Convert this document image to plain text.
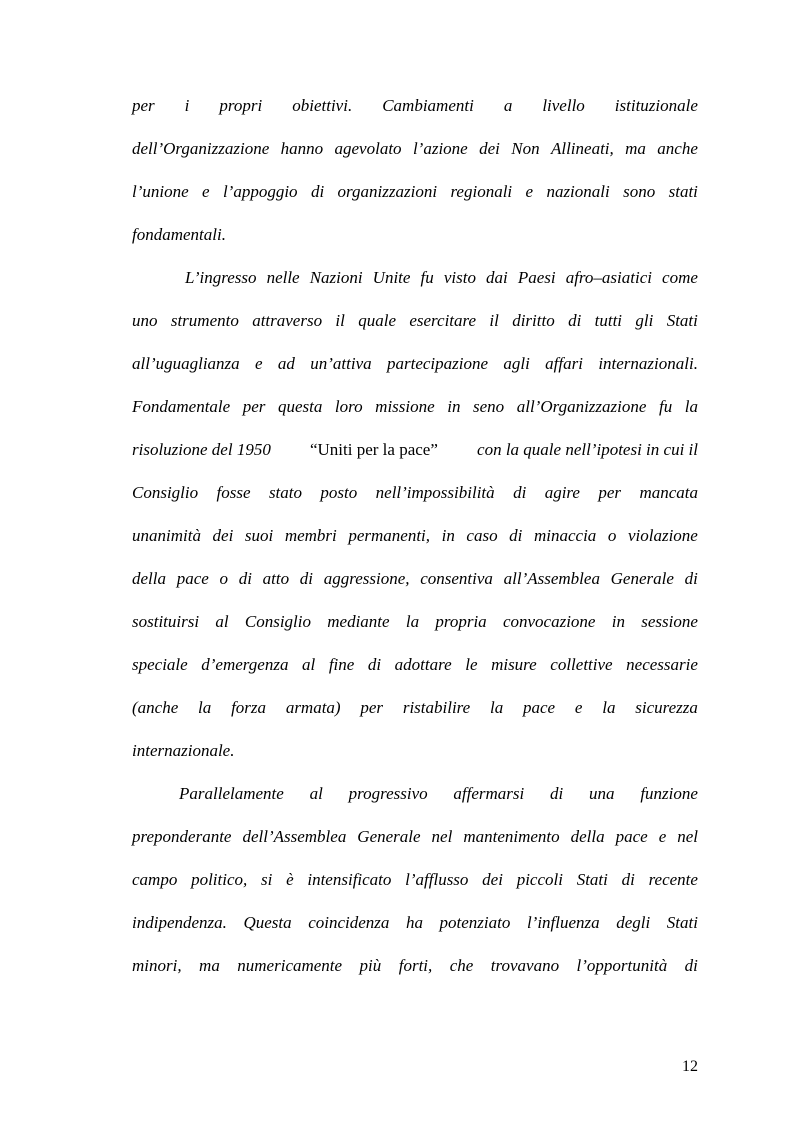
per i propri obiettivi. Cambiamenti a livello istituzionale
dell’Organizzazione hanno agevolato l’azione dei Non Allineati, ma anche
l’unione e l’appoggio di organizzazioni regionali e nazionali sono stati
fondamentali.
L’ingresso nelle Nazioni Unite fu visto dai Paesi afro–asiatici come
uno strumento attraverso il quale esercitare il diritto di tutti gli Stati
all’uguaglianza e ad un’attiva partecipazione agli affari internazionali.
Fondamentale per questa loro missione in seno all’Organizzazione fu la
risoluzione del 1950 “Uniti per la pace” con la quale nell’ipotesi in cui il
Consiglio fosse stato posto nell’impossibilità di agire per mancata
unanimità dei suoi membri permanenti, in caso di minaccia o violazione
della pace o di atto di aggressione, consentiva all’Assemblea Generale di
sostituirsi al Consiglio mediante la propria convocazione in sessione
speciale d’emergenza al fine di adottare le misure collettive necessarie
(anche la forza armata) per ristabilire la pace e la sicurezza
internazionale.
Parallelamente al progressivo affermarsi di una funzione
preponderante dell’Assemblea Generale nel mantenimento della pace e nel
campo politico, si è intensificato l’afflusso dei piccoli Stati di recente
indipendenza. Questa coincidenza ha potenziato l’influenza degli Stati
minori, ma numericamente più forti, che trovavano l’opportunità di
12
